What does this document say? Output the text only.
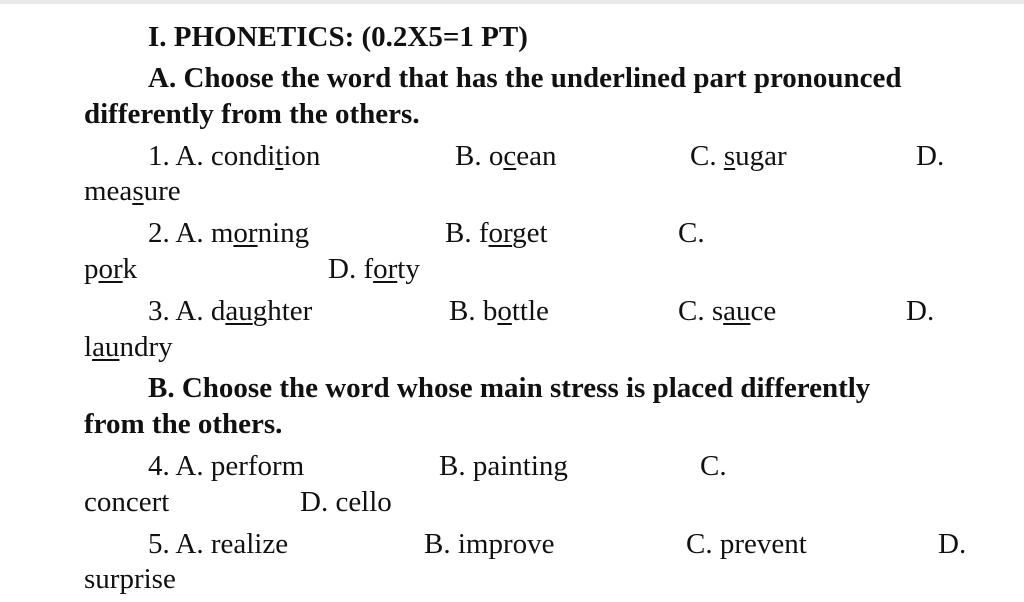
I. PHONETICS: (0.2X5=1 PT)
A. Choose the word that has the underlined part pronounced
differently from the others.
1. A. condition	B. ocean	C. sugar	D.
measure
2. A. morning	B. forget	C.
pork	D. forty
3. A. daughter	B. bottle	C. sauce	D.
laundry
B. Choose the word whose main stress is placed differently
from the others.
4. A. perform	B. painting	C.
concert	D. cello
5. A. realize	B. improve	C. prevent	D.
surprise
